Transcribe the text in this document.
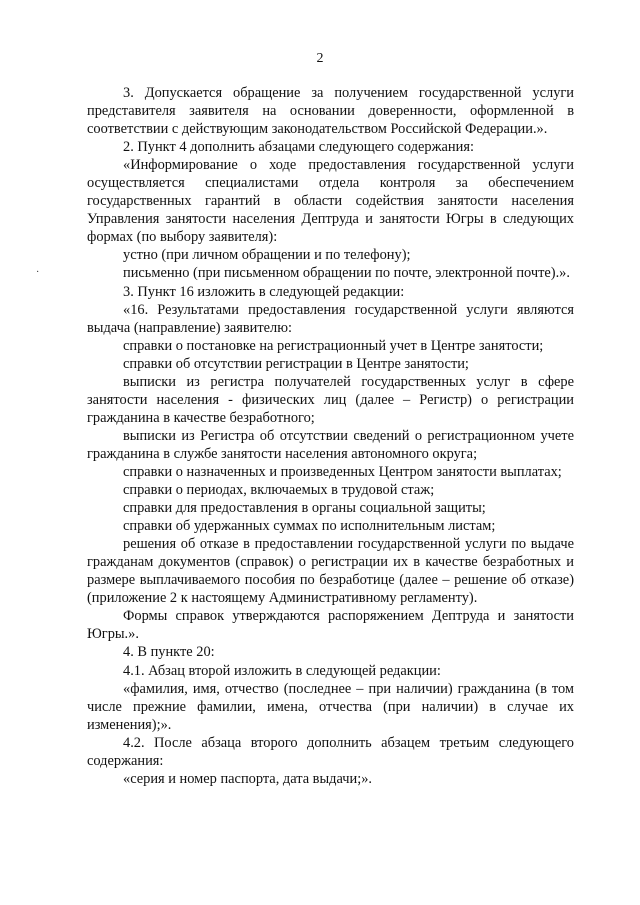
2
·

3. Допускается обращение за получением государственной услуги представителя заявителя на основании доверенности, оформленной в соответствии с действующим законодательством Российской Федерации.».

2. Пункт 4 дополнить абзацами следующего содержания:

«Информирование о ходе предоставления государственной услуги осуществляется специалистами отдела контроля за обеспечением государственных гарантий в области содействия занятости населения Управления занятости населения Дептруда и занятости Югры в следующих формах (по выбору заявителя):

устно (при личном обращении и по телефону);

письменно (при письменном обращении по почте, электронной почте).».

3. Пункт 16 изложить в следующей редакции:

«16. Результатами предоставления государственной услуги являются выдача (направление) заявителю:

справки о постановке на регистрационный учет в Центре занятости;

справки об отсутствии регистрации в Центре занятости;

выписки из регистра получателей государственных услуг в сфере занятости населения - физических лиц (далее – Регистр) о регистрации гражданина в качестве безработного;

выписки из Регистра об отсутствии сведений о регистрационном учете гражданина в службе занятости населения автономного округа;

справки о назначенных и произведенных Центром занятости выплатах;

справки о периодах, включаемых в трудовой стаж;

справки для предоставления в органы социальной защиты;

справки об удержанных суммах по исполнительным листам;

решения об отказе в предоставлении государственной услуги по выдаче гражданам документов (справок) о регистрации их в качестве безработных и размере выплачиваемого пособия по безработице (далее – решение об отказе) (приложение 2 к настоящему Административному регламенту).

Формы справок утверждаются распоряжением Дептруда и занятости Югры.».

4. В пункте 20:

4.1. Абзац второй изложить в следующей редакции:

«фамилия, имя, отчество (последнее – при наличии) гражданина (в том числе прежние фамилии, имена, отчества (при наличии) в случае их изменения);».

4.2. После абзаца второго дополнить абзацем третьим следующего содержания:

«серия и номер паспорта, дата выдачи;».
